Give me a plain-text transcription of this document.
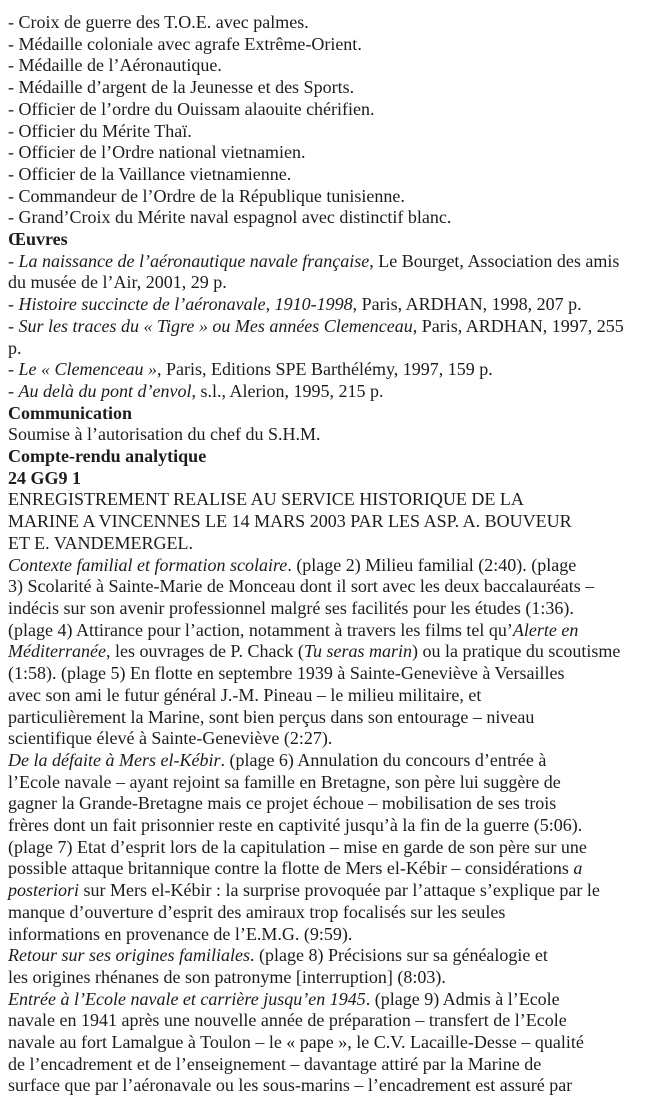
- Croix de guerre des T.O.E. avec palmes.
- Médaille coloniale avec agrafe Extrême-Orient.
- Médaille de l’Aéronautique.
- Médaille d’argent de la Jeunesse et des Sports.
- Officier de l’ordre du Ouissam alaouite chérifien.
- Officier du Mérite Thaï.
- Officier de l’Ordre national vietnamien.
- Officier de la Vaillance vietnamienne.
- Commandeur de l’Ordre de la République tunisienne.
- Grand’Croix du Mérite naval espagnol avec distinctif blanc.
Œuvres
- La naissance de l’aéronautique navale française, Le Bourget, Association des amis
du musée de l’Air, 2001, 29 p.
- Histoire succincte de l’aéronavale, 1910-1998, Paris, ARDHAN, 1998, 207 p.
- Sur les traces du « Tigre » ou Mes années Clemenceau, Paris, ARDHAN, 1997, 255
p.
- Le « Clemenceau », Paris, Editions SPE Barthélémy, 1997, 159 p.
- Au delà du pont d’envol, s.l., Alerion, 1995, 215 p.
Communication
Soumise à l’autorisation du chef du S.H.M.
Compte-rendu analytique
24 GG9 1
ENREGISTREMENT REALISE AU SERVICE HISTORIQUE DE LA
MARINE A VINCENNES LE 14 MARS 2003 PAR LES ASP. A. BOUVEUR
ET E. VANDEMERGEL.
Contexte familial et formation scolaire. (plage 2) Milieu familial (2:40). (plage
3) Scolarité à Sainte-Marie de Monceau dont il sort avec les deux baccalauréats –
indécis sur son avenir professionnel malgré ses facilités pour les études (1:36).
(plage 4) Attirance pour l’action, notamment à travers les films tel qu’Alerte en
Méditerranée, les ouvrages de P. Chack (Tu seras marin) ou la pratique du scoutisme
(1:58). (plage 5) En flotte en septembre 1939 à Sainte-Geneviève à Versailles
avec son ami le futur général J.-M. Pineau – le milieu militaire, et
particulièrement la Marine, sont bien perçus dans son entourage – niveau
scientifique élevé à Sainte-Geneviève (2:27).
De la défaite à Mers el-Kébir. (plage 6) Annulation du concours d’entrée à
l’Ecole navale – ayant rejoint sa famille en Bretagne, son père lui suggère de
gagner la Grande-Bretagne mais ce projet échoue – mobilisation de ses trois
frères dont un fait prisonnier reste en captivité jusqu’à la fin de la guerre (5:06).
(plage 7) Etat d’esprit lors de la capitulation – mise en garde de son père sur une
possible attaque britannique contre la flotte de Mers el-Kébir – considérations a
posteriori sur Mers el-Kébir : la surprise provoquée par l’attaque s’explique par le
manque d’ouverture d’esprit des amiraux trop focalisés sur les seules
informations en provenance de l’E.M.G. (9:59).
Retour sur ses origines familiales. (plage 8) Précisions sur sa généalogie et
les origines rhénanes de son patronyme [interruption] (8:03).
Entrée à l’Ecole navale et carrière jusqu’en 1945. (plage 9) Admis à l’Ecole
navale en 1941 après une nouvelle année de préparation – transfert de l’Ecole
navale au fort Lamalgue à Toulon – le « pape », le C.V. Lacaille-Desse – qualité
de l’encadrement et de l’enseignement – davantage attiré par la Marine de
surface que par l’aéronavale ou les sous-marins – l’encadrement est assuré par
